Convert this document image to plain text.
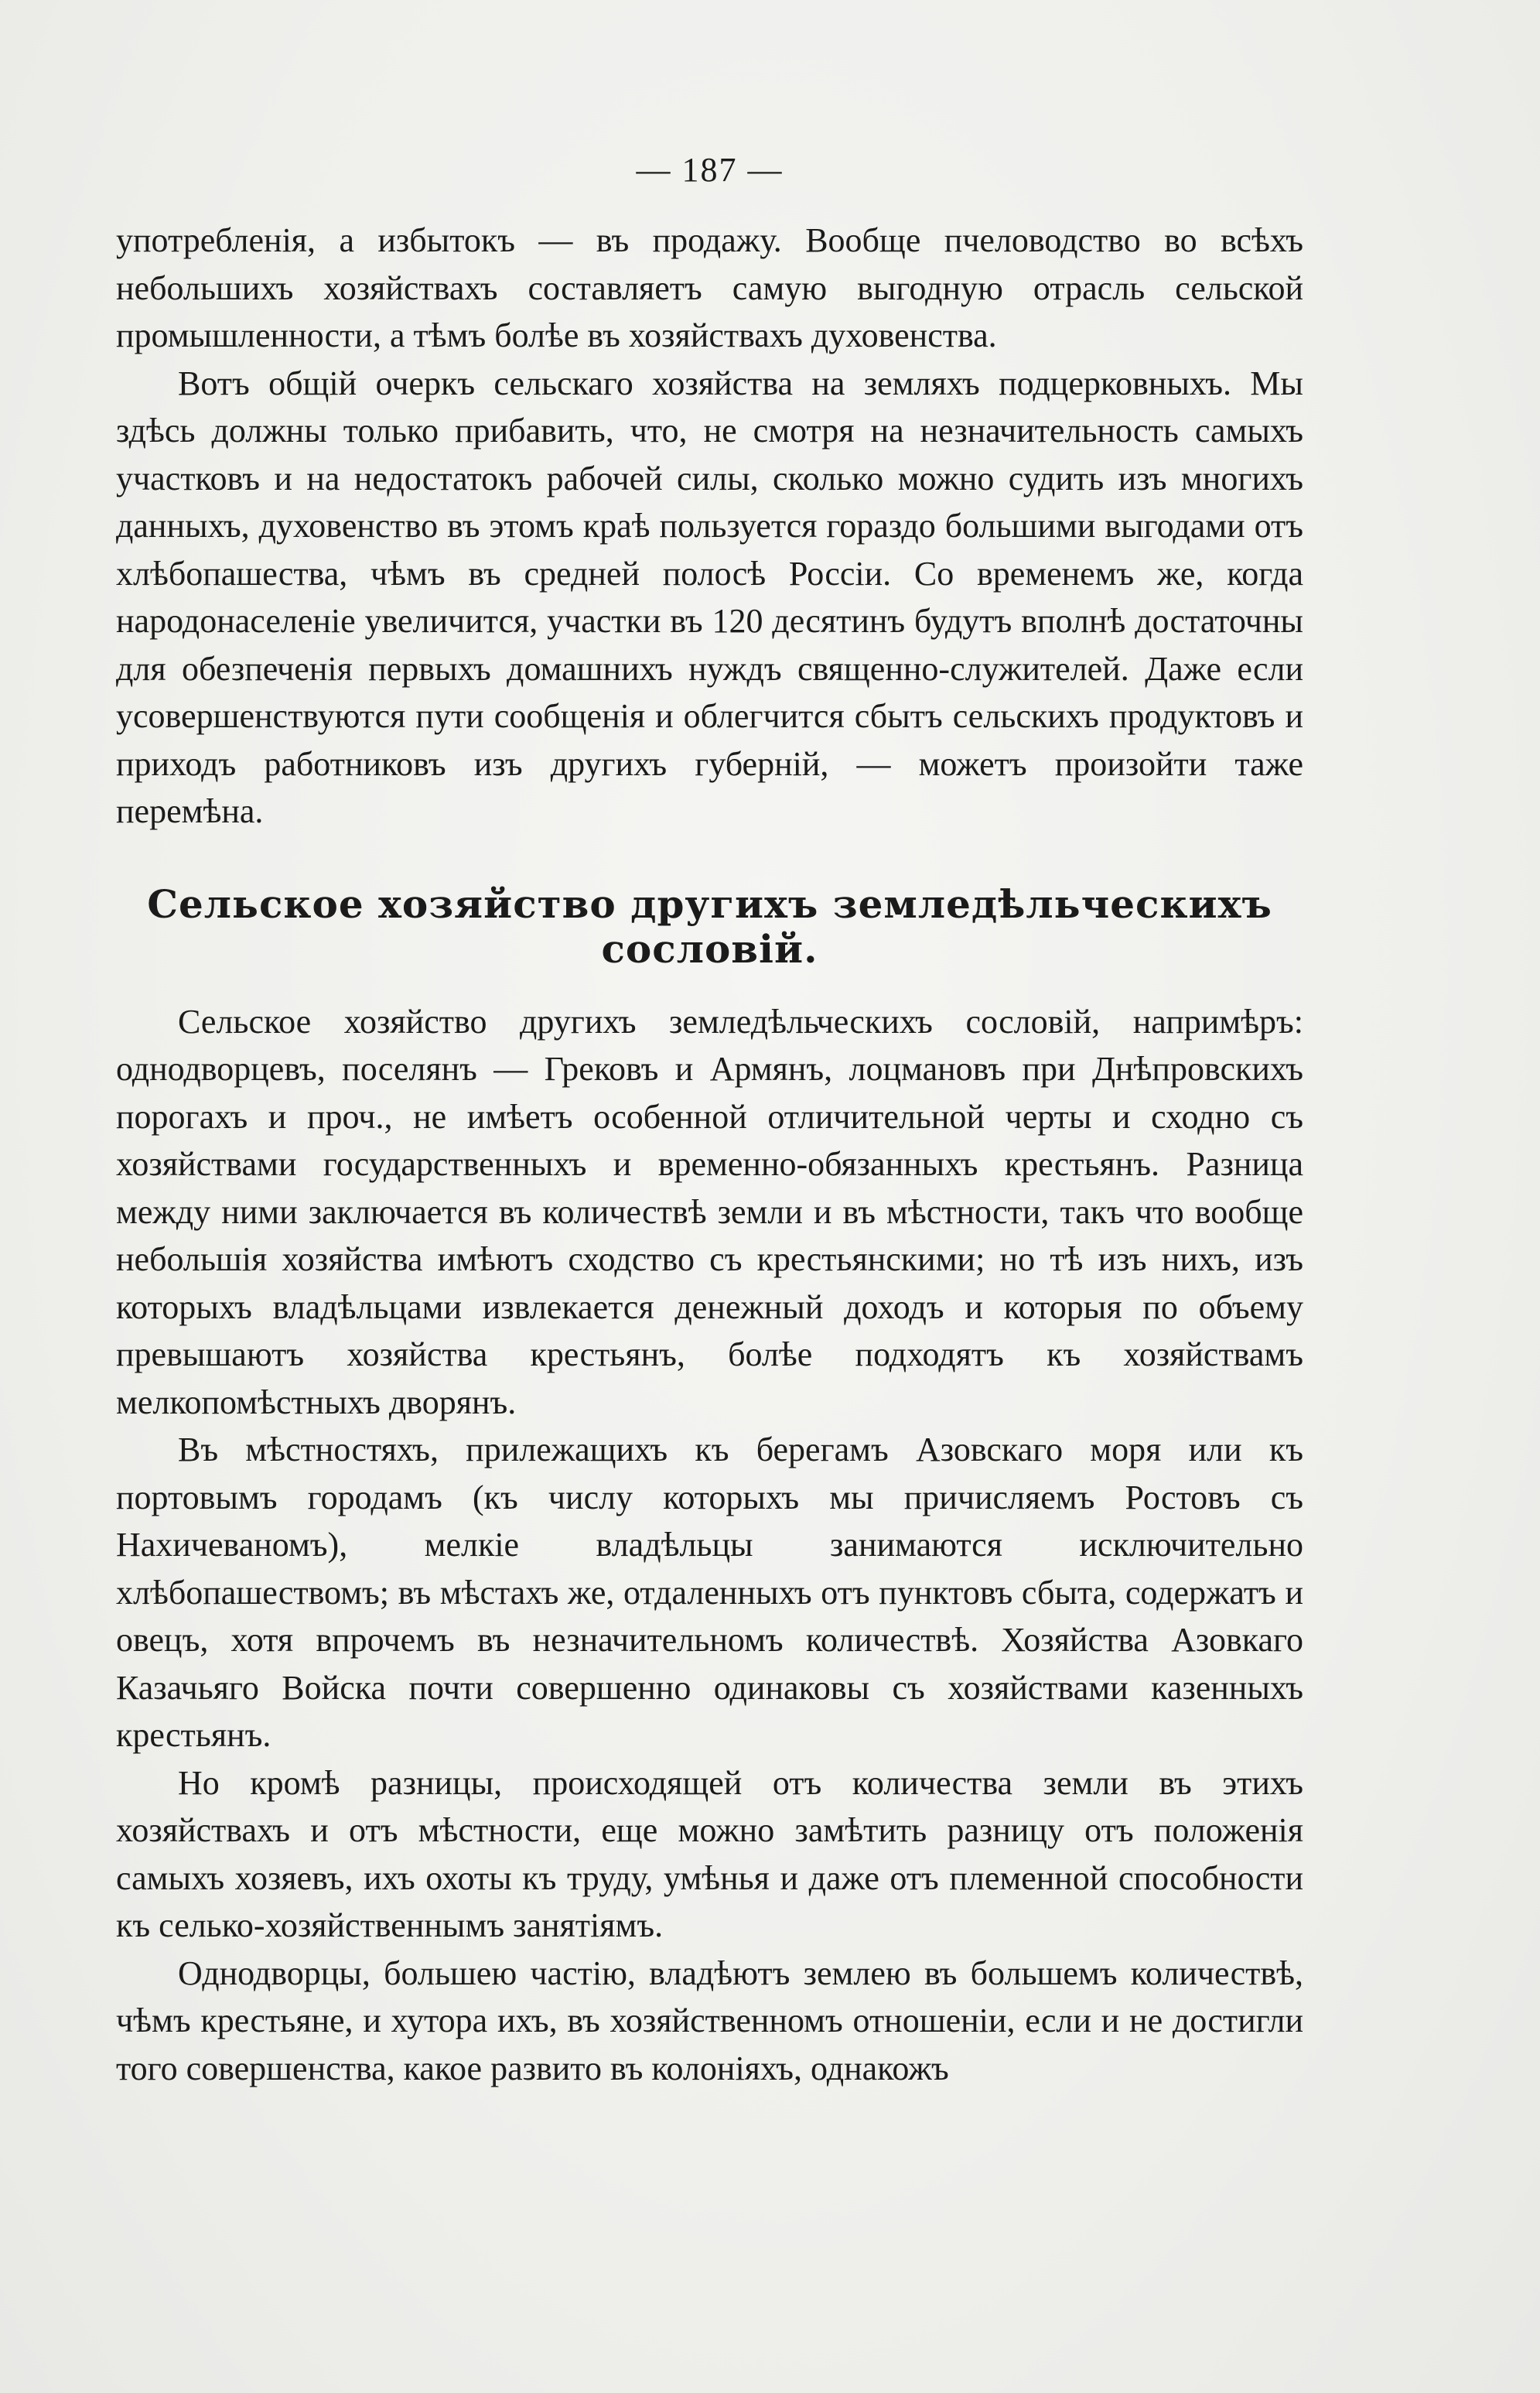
— 187 —

употребленія, а избытокъ — въ продажу. Вообще пчеловодство во всѣхъ небольшихъ хозяйствахъ составляетъ самую выгодную отрасль сельской промышленности, а тѣмъ болѣе въ хозяйствахъ духовенства.

Вотъ общій очеркъ сельскаго хозяйства на земляхъ подцерковныхъ. Мы здѣсь должны только прибавить, что, не смотря на незначительность самыхъ участковъ и на недостатокъ рабочей силы, сколько можно судить изъ многихъ данныхъ, духовенство въ этомъ краѣ пользуется гораздо большими выгодами отъ хлѣбопашества, чѣмъ въ средней полосѣ Россіи. Со временемъ же, когда народонаселеніе увеличится, участки въ 120 десятинъ будутъ вполнѣ достаточны для обезпеченія первыхъ домашнихъ нуждъ священно-служителей. Даже если усовершенствуются пути сообщенія и облегчится сбытъ сельскихъ продуктовъ и приходъ работниковъ изъ другихъ губерній, — можетъ произойти таже перемѣна.

Сельское хозяйство другихъ земледѣльческихъ
сословій.

Сельское хозяйство другихъ земледѣльческихъ сословій, напримѣръ: однодворцевъ, поселянъ — Грековъ и Армянъ, лоцмановъ при Днѣпровскихъ порогахъ и проч., не имѣетъ особенной отличительной черты и сходно съ хозяйствами государственныхъ и временно-обязанныхъ крестьянъ. Разница между ними заключается въ количествѣ земли и въ мѣстности, такъ что вообще небольшія хозяйства имѣютъ сходство съ крестьянскими; но тѣ изъ нихъ, изъ которыхъ владѣльцами извлекается денежный доходъ и которыя по объему превышаютъ хозяйства крестьянъ, болѣе подходятъ къ хозяйствамъ мелкопомѣстныхъ дворянъ.

Въ мѣстностяхъ, прилежащихъ къ берегамъ Азовскаго моря или къ портовымъ городамъ (къ числу которыхъ мы причисляемъ Ростовъ съ Нахичеваномъ), мелкіе владѣльцы занимаются исключительно хлѣбопашествомъ; въ мѣстахъ же, отдаленныхъ отъ пунктовъ сбыта, содержатъ и овецъ, хотя впрочемъ въ незначительномъ количествѣ. Хозяйства Азовкаго Казачьяго Войска почти совершенно одинаковы съ хозяйствами казенныхъ крестьянъ.

Но кромѣ разницы, происходящей отъ количества земли въ этихъ хозяйствахъ и отъ мѣстности, еще можно замѣтить разницу отъ положенія самыхъ хозяевъ, ихъ охоты къ труду, умѣнья и даже отъ племенной способности къ селько-хозяйственнымъ занятіямъ.

Однодворцы, большею частію, владѣютъ землею въ большемъ количествѣ, чѣмъ крестьяне, и хутора ихъ, въ хозяйственномъ отношеніи, если и не достигли того совершенства, какое развито въ колоніяхъ, однакожъ
